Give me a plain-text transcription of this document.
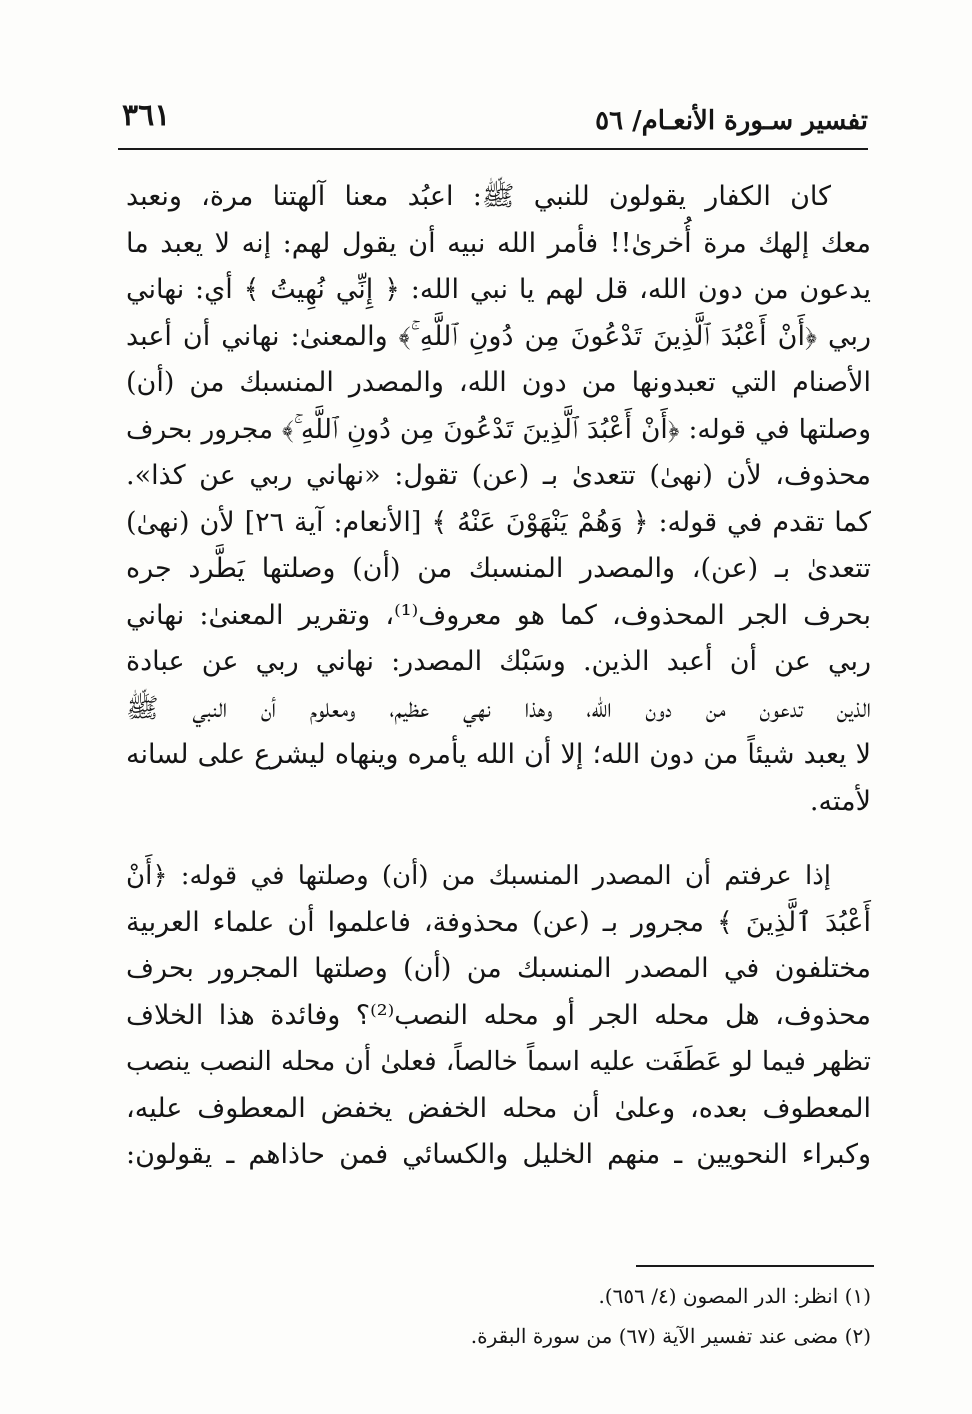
تفسير سـورة الأنعـام/ ٥٦
٣٦١

كان الكفار يقولون للنبي ﷺ: اعبُد معنا آلهتنا مرة، ونعبد
معك إلهك مرة أُخرىٰ!! فأمر الله نبيه أن يقول لهم: إنه لا يعبد ما
يدعون من دون الله، قل لهم يا نبي الله: ﴿ إِنِّي نُهِيتُ ﴾ أي: نهاني
ربي ﴿أَنْ أَعْبُدَ ٱلَّذِينَ تَدْعُونَ مِن دُونِ ٱللَّهِ ۚ﴾ والمعنىٰ: نهاني أن أعبد
الأصنام التي تعبدونها من دون الله، والمصدر المنسبك من (أن)
وصلتها في قوله: ﴿أَنْ أَعْبُدَ ٱلَّذِينَ تَدْعُونَ مِن دُونِ ٱللَّهِ ۚ﴾ مجرور بحرف
محذوف، لأن (نهىٰ) تتعدىٰ بـ (عن) تقول: «نهاني ربي عن كذا».
كما تقدم في قوله: ﴿ وَهُمْ يَنْهَوْنَ عَنْهُ ﴾ [الأنعام: آية ٢٦] لأن (نهىٰ)
تتعدىٰ بـ (عن)، والمصدر المنسبك من (أن) وصلتها يَطَّرد جره
بحرف الجر المحذوف، كما هو معروف⁽¹⁾، وتقرير المعنىٰ: نهاني
ربي عن أن أعبد الذين. وسَبْك المصدر: نهاني ربي عن عبادة
الذين تدعون من دون الله، وهذا نهي عظيم، ومعلوم أن النبي ﷺ
لا يعبد شيئاً من دون الله؛ إلا أن الله يأمره وينهاه ليشرع على لسانه
لأمته.

إذا عرفتم أن المصدر المنسبك من (أن) وصلتها في قوله: ﴿أَنْ
أَعْبُدَ ٱلَّذِينَ ﴾ مجرور بـ (عن) محذوفة، فاعلموا أن علماء العربية
مختلفون في المصدر المنسبك من (أن) وصلتها المجرور بحرف
محذوف، هل محله الجر أو محله النصب⁽²⁾؟ وفائدة هذا الخلاف
تظهر فيما لو عَطَفَت عليه اسماً خالصاً، فعلىٰ أن محله النصب ينصب
المعطوف بعده، وعلىٰ أن محله الخفض يخفض المعطوف عليه،
وكبراء النحويين ـ منهم الخليل والكسائي فمن حاذاهم ـ يقولون:

(١) انظر: الدر المصون (٤/ ٦٥٦).
(٢) مضى عند تفسير الآية (٦٧) من سورة البقرة.
